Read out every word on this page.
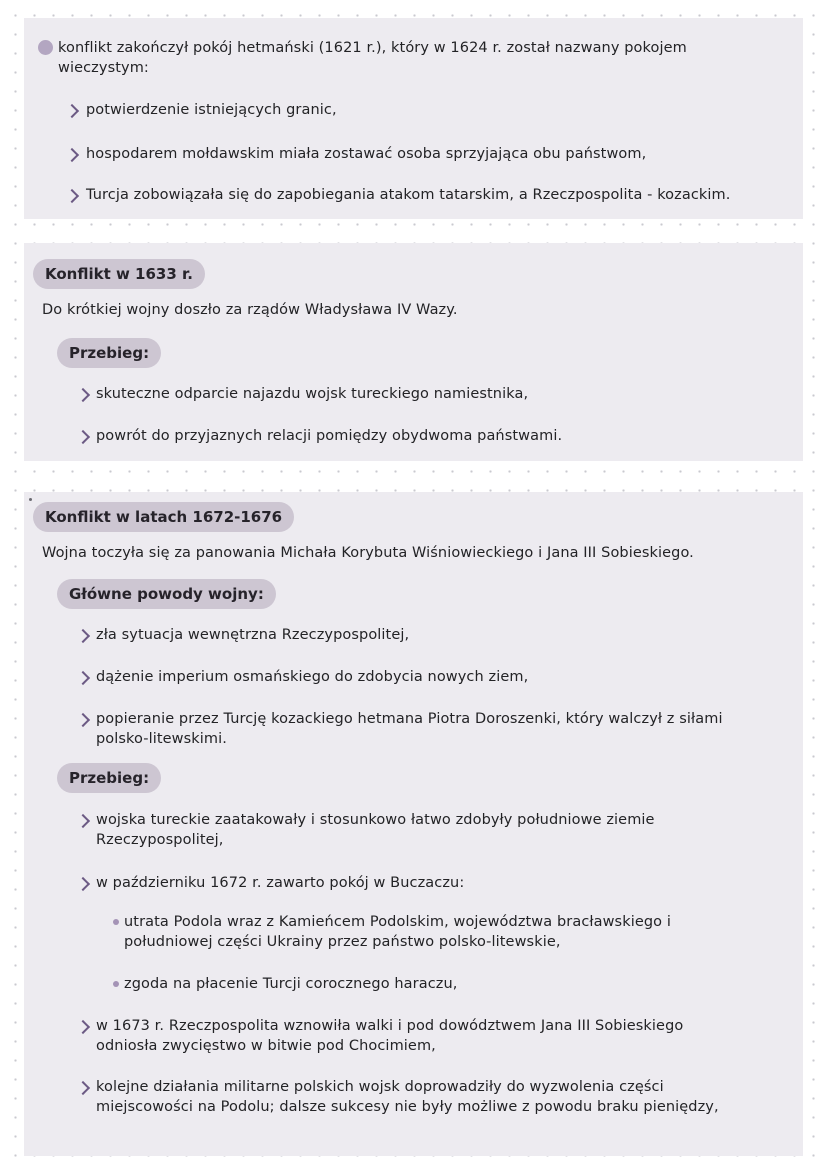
konflikt zakończył pokój hetmański (1621 r.), który w 1624 r. został nazwany pokojem
wieczystym:
potwierdzenie istniejących granic,
hospodarem mołdawskim miała zostawać osoba sprzyjająca obu państwom,
Turcja zobowiązała się do zapobiegania atakom tatarskim, a Rzeczpospolita - kozackim.
Konflikt w 1633 r.
Do krótkiej wojny doszło za rządów Władysława IV Wazy.
Przebieg:
skuteczne odparcie najazdu wojsk tureckiego namiestnika,
powrót do przyjaznych relacji pomiędzy obydwoma państwami.
Konflikt w latach 1672-1676
Wojna toczyła się za panowania Michała Korybuta Wiśniowieckiego i Jana III Sobieskiego.
Główne powody wojny:
zła sytuacja wewnętrzna Rzeczypospolitej,
dążenie imperium osmańskiego do zdobycia nowych ziem,
popieranie przez Turcję kozackiego hetmana Piotra Doroszenki, który walczył z siłami
polsko-litewskimi.
Przebieg:
wojska tureckie zaatakowały i stosunkowo łatwo zdobyły południowe ziemie
Rzeczypospolitej,
w październiku 1672 r. zawarto pokój w Buczaczu:
utrata Podola wraz z Kamieńcem Podolskim, województwa bracławskiego i
południowej części Ukrainy przez państwo polsko-litewskie,
zgoda na płacenie Turcji corocznego haraczu,
w 1673 r. Rzeczpospolita wznowiła walki i pod dowództwem Jana III Sobieskiego
odniosła zwycięstwo w bitwie pod Chocimiem,
kolejne działania militarne polskich wojsk doprowadziły do wyzwolenia części
miejscowości na Podolu; dalsze sukcesy nie były możliwe z powodu braku pieniędzy,
